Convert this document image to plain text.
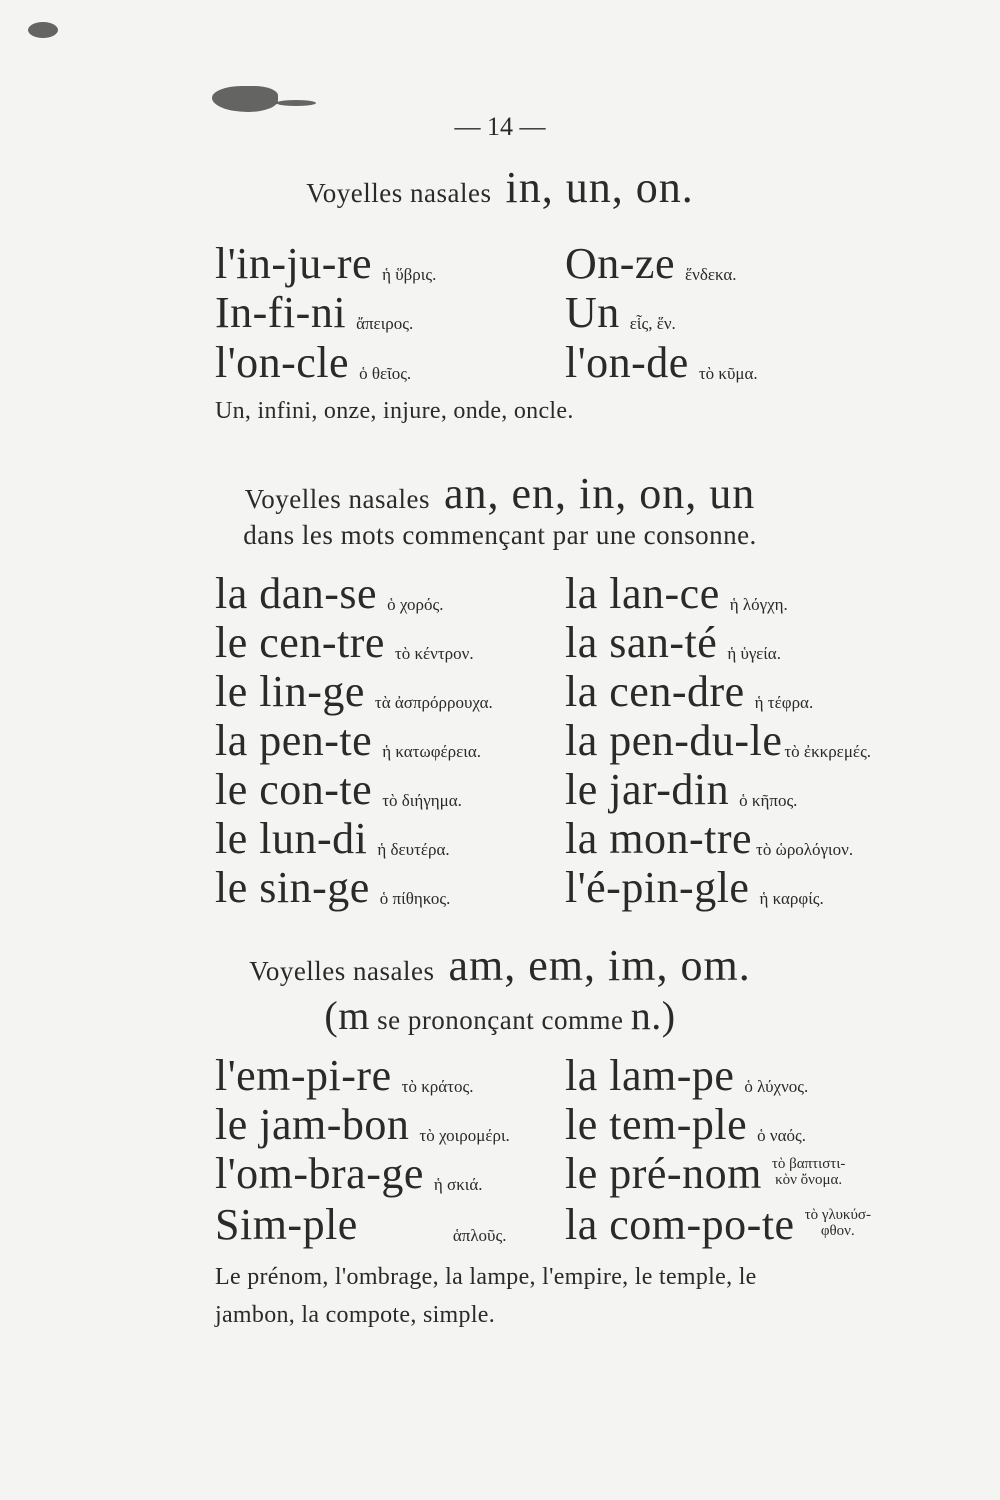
— 14 —
Voyelles nasales in, un, on.
l'in-ju-re ἡ ὕβρις.	On-ze ἕνδεκα.
In-fi-ni ἄπειρος.	Un εἷς, ἕν.
l'on-cle ὁ θεῖος.	l'on-de τὸ κῦμα.
Un, infini, onze, injure, onde, oncle.
Voyelles nasales an, en, in, on, un
dans les mots commençant par une consonne.
la dan-se ὁ χορός.	la lan-ce ἡ λόγχη.
le cen-tre τὸ κέντρον. la san-té ἡ ὑγεία.
le lin-ge τὰ ἀσπρόρρουχα. la cen-dre ἡ τέφρα.
la pen-te ἡ κατωφέρεια. la pen-du-le τὸ ἐκκρεμές.
le con-te τὸ διήγημα. le jar-din ὁ κῆπος.
le lun-di ἡ δευτέρα.	la mon-tre τὸ ὡρολόγιον.
le sin-ge ὁ πίθηκος.	l'é-pin-gle ἡ καρφίς.
Voyelles nasales am, em, im, om.
(m se prononçant comme n.)
l'em-pi-re τὸ κράτος. la lam-pe ὁ λύχνος.
le jam-bon τὸ χοιρομέρι. le tem-ple ὁ ναός.
l'om-bra-ge ἡ σκιά. le pré-nom τὸ βαπτιστι-
κὸν ὄνομα.
Sim-ple	ἁπλοῦς. la com-po-te τὸ γλυκύσ-
φθον.
Le prénom, l'ombrage, la lampe, l'empire, le temple, le
jambon, la compote, simple.
